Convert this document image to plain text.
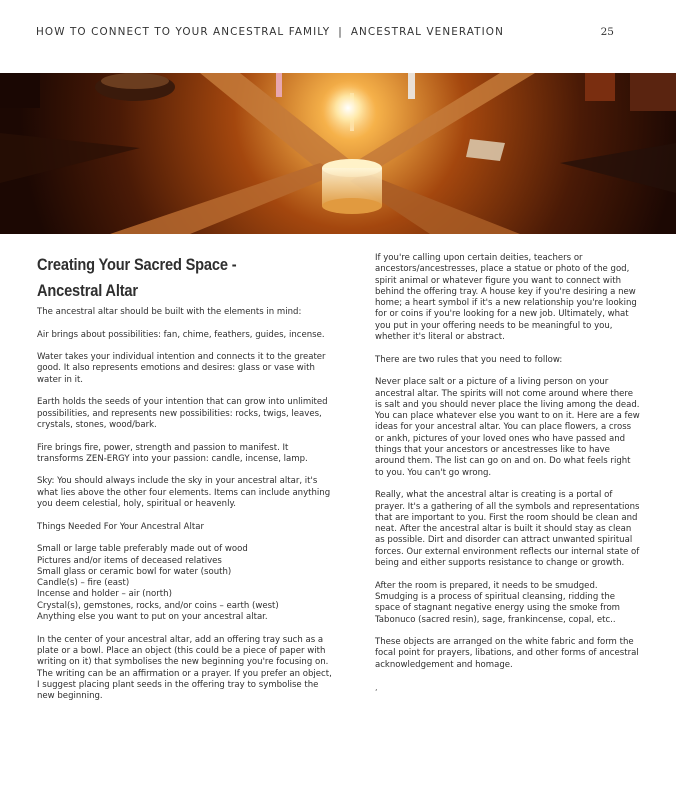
HOW TO CONNECT TO YOUR ANCESTRAL FAMILY | ANCESTRAL VENERATION	25
Creating Your Sacred Space -
Ancestral Altar

The ancestral altar should be built with the elements in mind:

Air brings about possibilities: fan, chime, feathers, guides, incense.

Water takes your individual intention and connects it to the greater good. It also represents emotions and desires: glass or vase with water in it.

Earth holds the seeds of your intention that can grow into unlimited possibilities, and represents new possibilities: rocks, twigs, leaves, crystals, stones, wood/bark.

Fire brings fire, power, strength and passion to manifest. It transforms ZEN-ERGY into your passion: candle, incense, lamp.

Sky: You should always include the sky in your ancestral altar, it's what lies above the other four elements. Items can include anything you deem celestial, holy, spiritual or heavenly.

Things Needed For Your Ancestral Altar

Small or large table preferably made out of wood
Pictures and/or items of deceased relatives
Small glass or ceramic bowl for water (south)
Candle(s) – fire (east)
Incense and holder – air (north)
Crystal(s), gemstones, rocks, and/or coins – earth (west)
Anything else you want to put on your ancestral altar.

In the center of your ancestral altar, add an offering tray such as a plate or a bowl. Place an object (this could be a piece of paper with writing on it) that symbolises the new beginning you're focusing on. The writing can be an affirmation or a prayer. If you prefer an object, I suggest placing plant seeds in the offering tray to symbolise the new beginning.

If you're calling upon certain deities, teachers or ancestors/ancestresses, place a statue or photo of the god, spirit animal or whatever figure you want to connect with behind the offering tray. A house key if you're desiring a new home; a heart symbol if it's a new relationship you're looking for or coins if you're looking for a new job. Ultimately, what you put in your offering needs to be meaningful to you, whether it's literal or abstract.

There are two rules that you need to follow:

Never place salt or a picture of a living person on your ancestral altar. The spirits will not come around where there is salt and you should never place the living among the dead. You can place whatever else you want to on it. Here are a few ideas for your ancestral altar. You can place flowers, a cross or ankh, pictures of your loved ones who have passed and things that your ancestors or ancestresses like to have around them. The list can go on and on. Do what feels right to you. You can't go wrong.

Really, what the ancestral altar is creating is a portal of prayer. It's a gathering of all the symbols and representations that are important to you. First the room should be clean and neat. After the ancestral altar is built it should stay as clean as possible. Dirt and disorder can attract unwanted spiritual forces. Our external environment reflects our internal state of being and either supports resistance to change or growth.

After the room is prepared, it needs to be smudged. Smudging is a process of spiritual cleansing, ridding the space of stagnant negative energy using the smoke from Tabonuco (sacred resin), sage, frankincense, copal, etc..

These objects are arranged on the white fabric and form the focal point for prayers, libations, and other forms of ancestral acknowledgement and homage.

,
